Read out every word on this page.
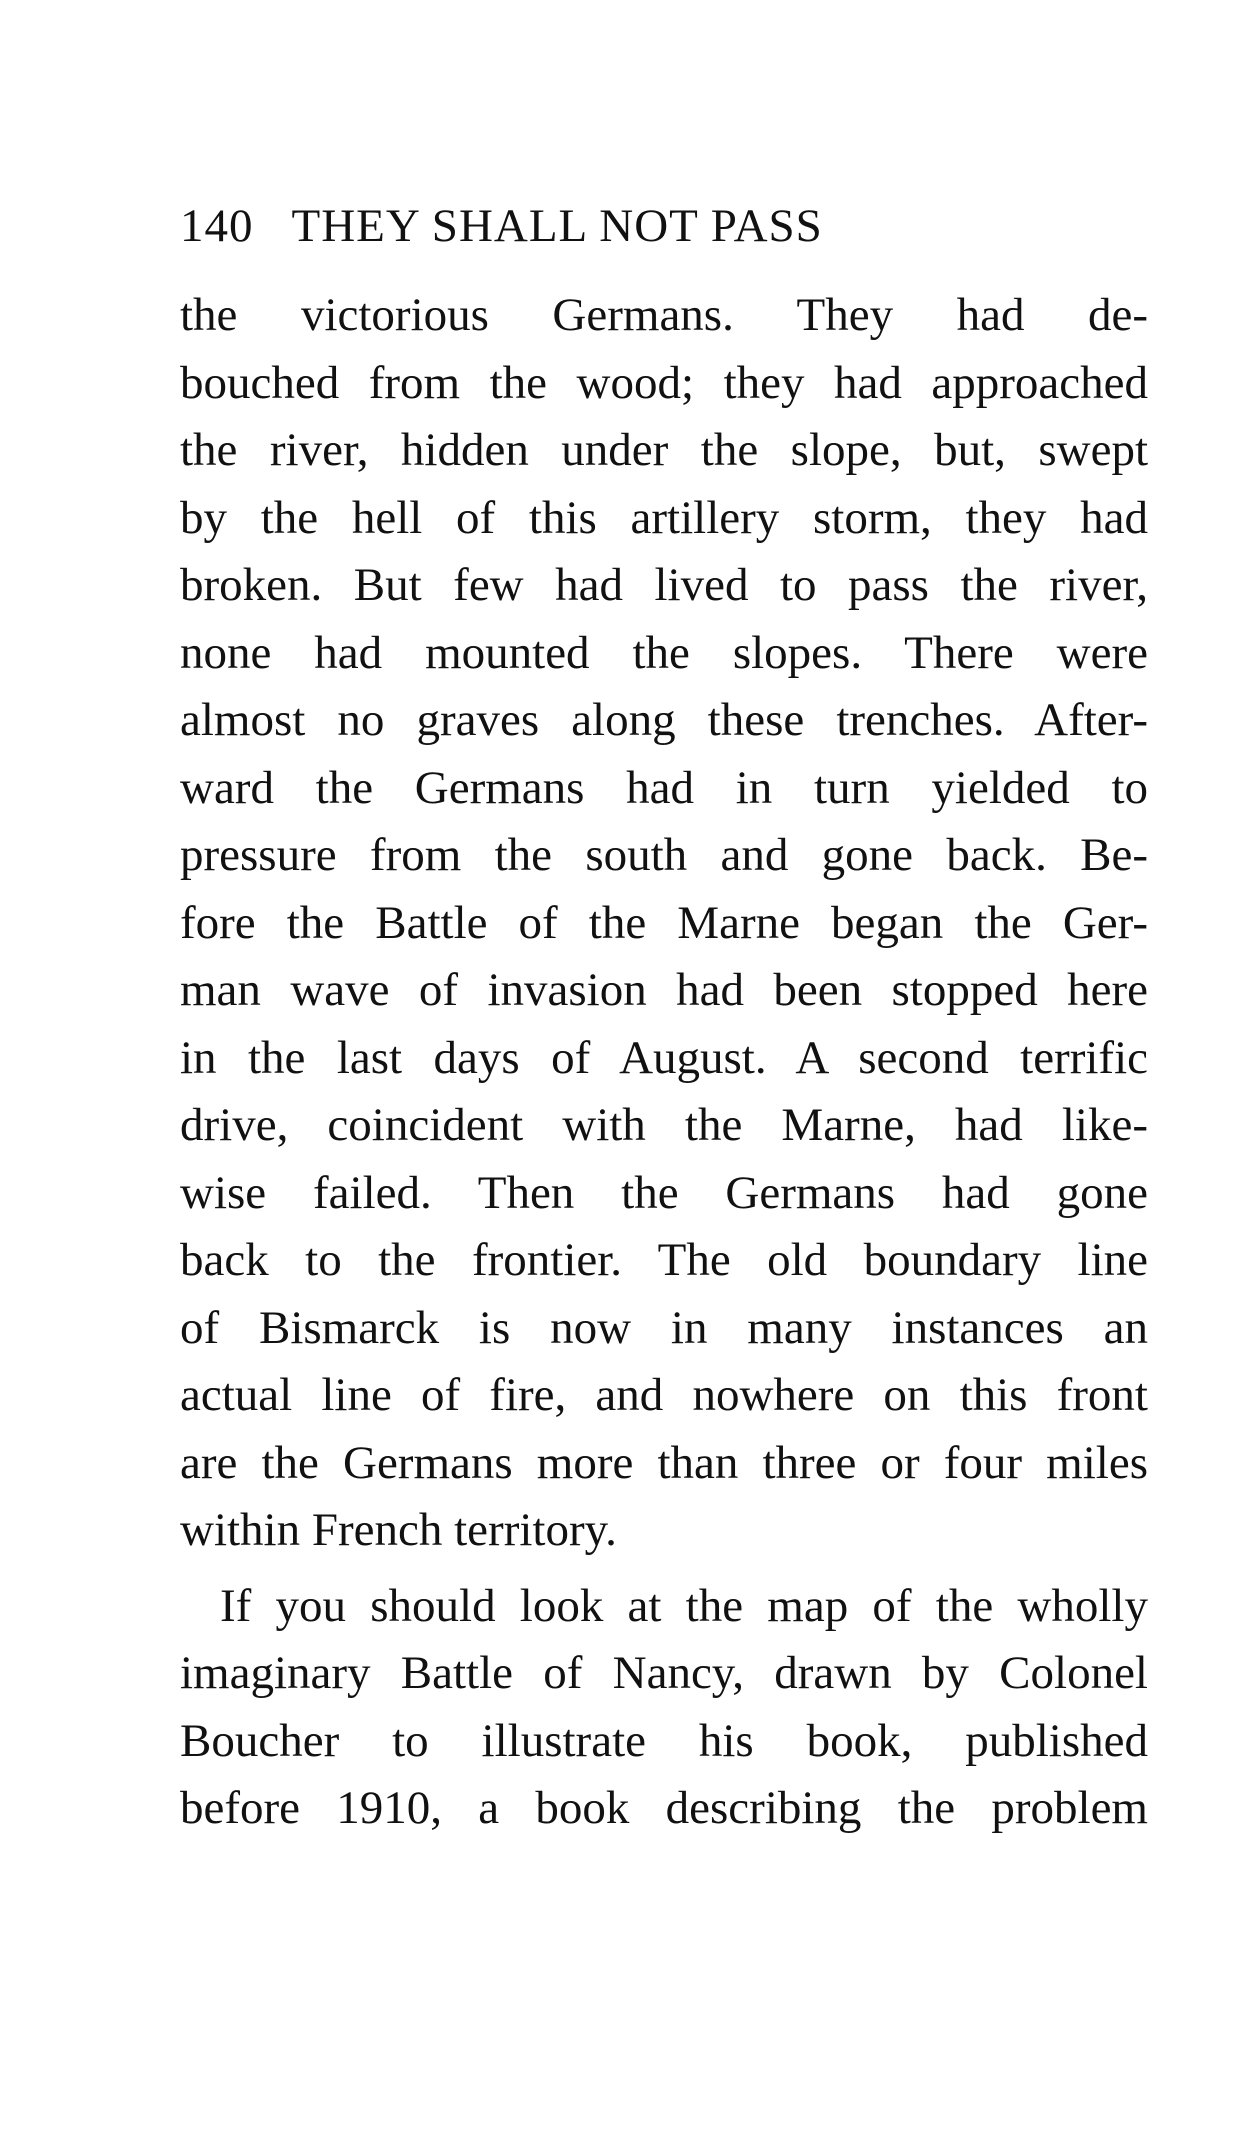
140 THEY SHALL NOT PASS
the victorious Germans. They had de-
bouched from the wood; they had approached
the river, hidden under the slope, but, swept
by the hell of this artillery storm, they had
broken. But few had lived to pass the river,
none had mounted the slopes. There were
almost no graves along these trenches. After-
ward the Germans had in turn yielded to
pressure from the south and gone back. Be-
fore the Battle of the Marne began the Ger-
man wave of invasion had been stopped here
in the last days of August. A second terrific
drive, coincident with the Marne, had like-
wise failed. Then the Germans had gone
back to the frontier. The old boundary line
of Bismarck is now in many instances an
actual line of fire, and nowhere on this front
are the Germans more than three or four miles
within French territory.
If you should look at the map of the wholly
imaginary Battle of Nancy, drawn by Colonel
Boucher to illustrate his book, published
before 1910, a book describing the problem
